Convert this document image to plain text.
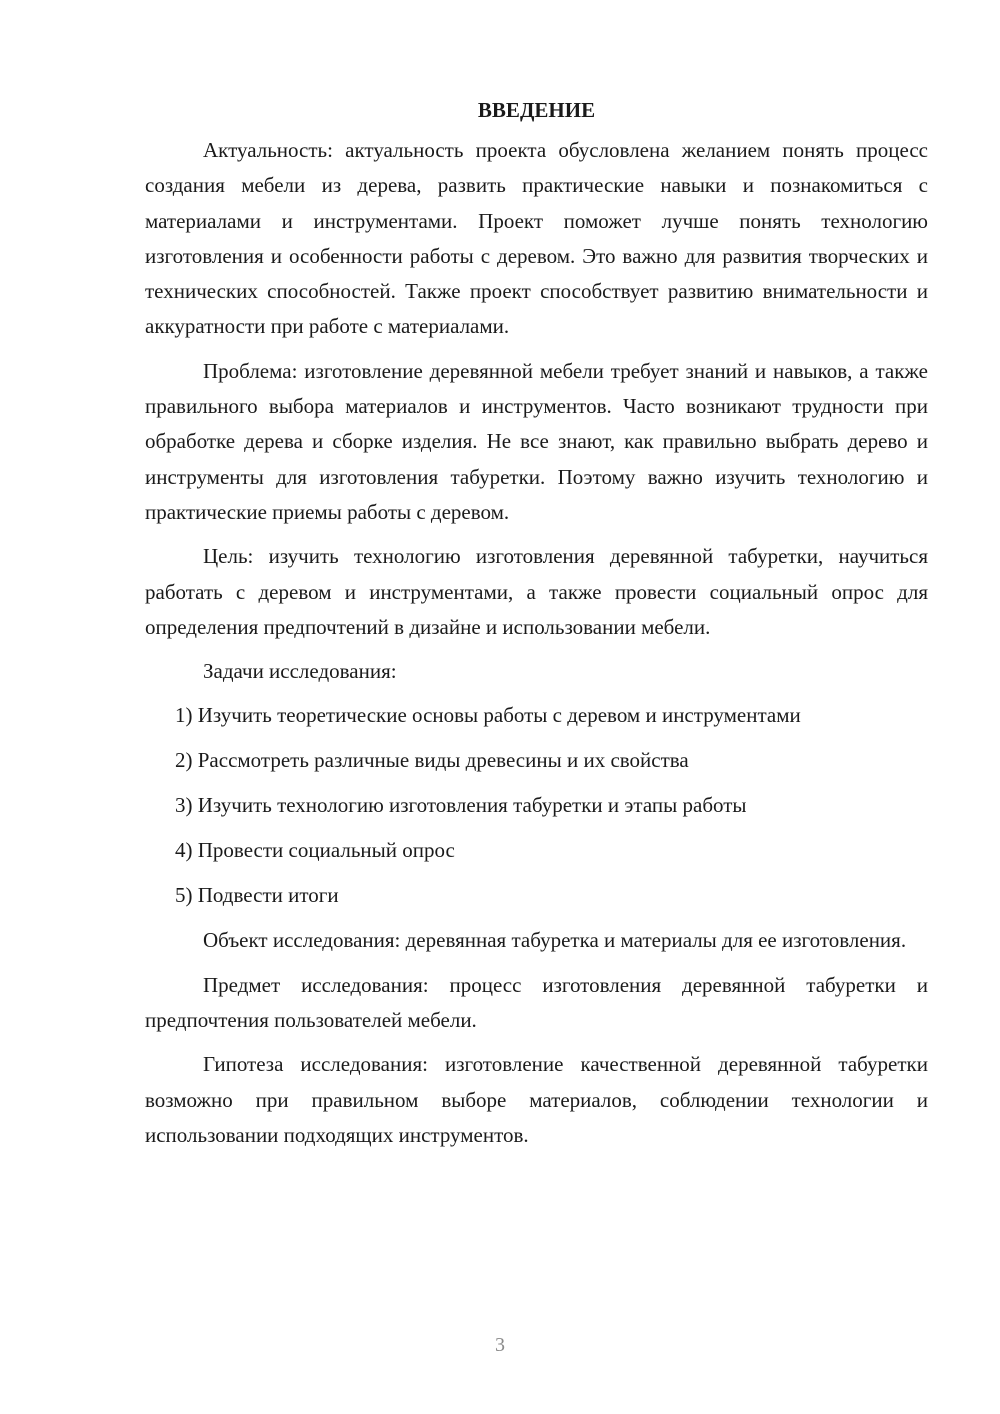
ВВЕДЕНИЕ

Актуальность: актуальность проекта обусловлена желанием понять процесс создания мебели из дерева, развить практические навыки и познакомиться с материалами и инструментами. Проект поможет лучше понять технологию изготовления и особенности работы с деревом. Это важно для развития творческих и технических способностей. Также проект способствует развитию внимательности и аккуратности при работе с материалами.

Проблема: изготовление деревянной мебели требует знаний и навыков, а также правильного выбора материалов и инструментов. Часто возникают трудности при обработке дерева и сборке изделия. Не все знают, как правильно выбрать дерево и инструменты для изготовления табуретки. Поэтому важно изучить технологию и практические приемы работы с деревом.

Цель: изучить технологию изготовления деревянной табуретки, научиться работать с деревом и инструментами, а также провести социальный опрос для определения предпочтений в дизайне и использовании мебели.

Задачи исследования:

1) Изучить теоретические основы работы с деревом и инструментами
2) Рассмотреть различные виды древесины и их свойства
3) Изучить технологию изготовления табуретки и этапы работы
4) Провести социальный опрос
5) Подвести итоги

Объект исследования: деревянная табуретка и материалы для ее изготовления.

Предмет исследования: процесс изготовления деревянной табуретки и предпочтения пользователей мебели.

Гипотеза исследования: изготовление качественной деревянной табуретки возможно при правильном выборе материалов, соблюдении технологии и использовании подходящих инструментов.

3
